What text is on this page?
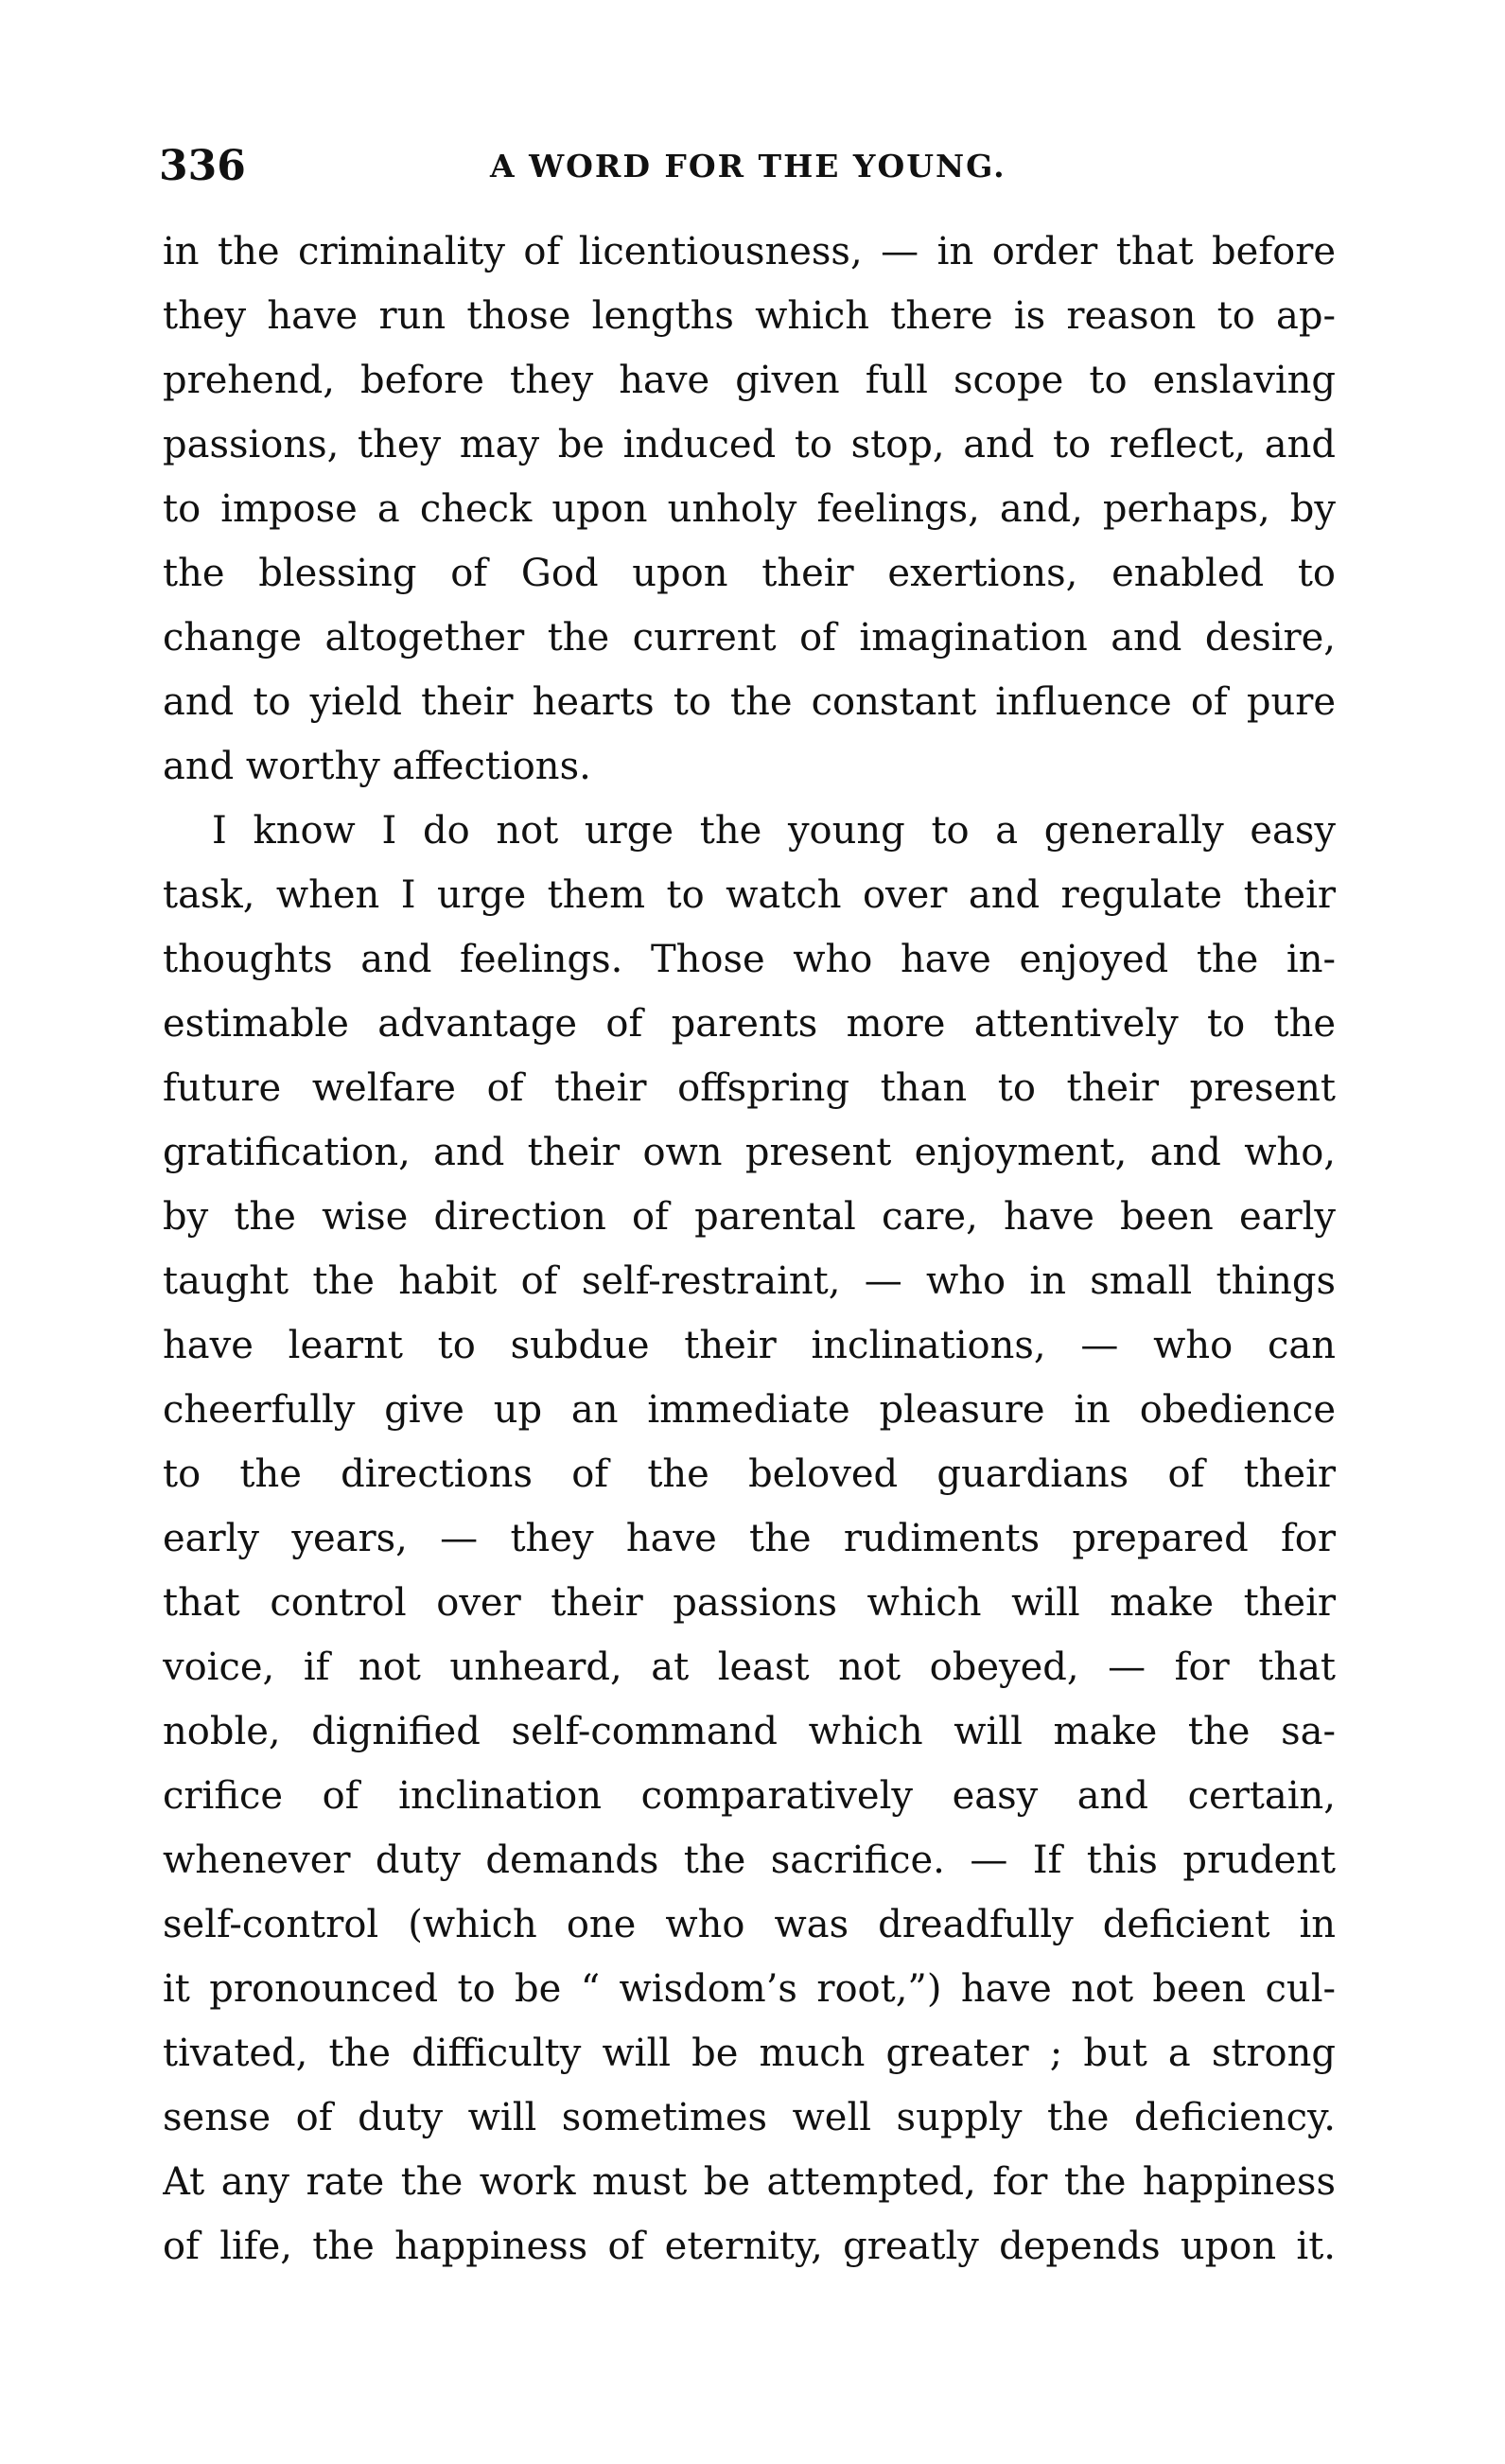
336	A WORD FOR THE YOUNG.
in the criminality of licentiousness, — in order that before
they have run those lengths which there is reason to ap-
prehend, before they have given full scope to enslaving
passions, they may be induced to stop, and to reflect, and
to impose a check upon unholy feelings, and, perhaps, by
the blessing of God upon their exertions, enabled to
change altogether the current of imagination and desire,
and to yield their hearts to the constant influence of pure
and worthy affections.
I know I do not urge the young to a generally easy
task, when I urge them to watch over and regulate their
thoughts and feelings. Those who have enjoyed the in-
estimable advantage of parents more attentively to the
future welfare of their offspring than to their present
gratification, and their own present enjoyment, and who,
by the wise direction of parental care, have been early
taught the habit of self-restraint, — who in small things
have learnt to subdue their inclinations, — who can
cheerfully give up an immediate pleasure in obedience
to the directions of the beloved guardians of their
early years, — they have the rudiments prepared for
that control over their passions which will make their
voice, if not unheard, at least not obeyed, — for that
noble, dignified self-command which will make the sa-
crifice of inclination comparatively easy and certain,
whenever duty demands the sacrifice. — If this prudent
self-control (which one who was dreadfully deficient in
it pronounced to be “ wisdom’s root,”) have not been cul-
tivated, the difficulty will be much greater ; but a strong
sense of duty will sometimes well supply the deficiency.
At any rate the work must be attempted, for the happiness
of life, the happiness of eternity, greatly depends upon it.
